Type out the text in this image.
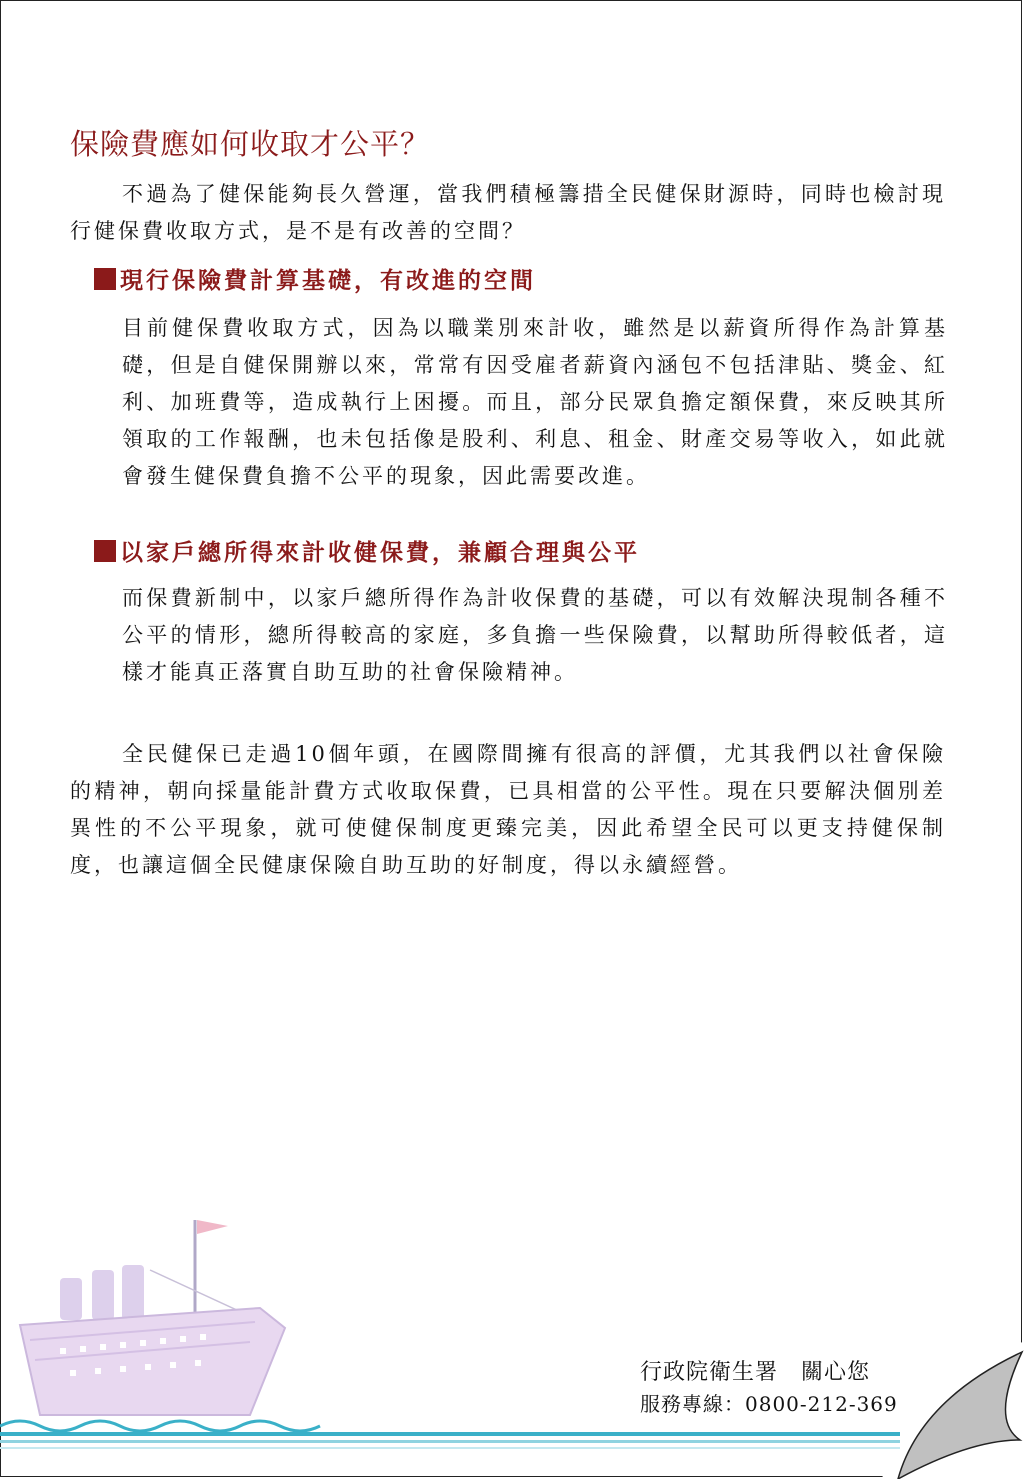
保險費應如何收取才公平？

不過為了健保能夠長久營運，當我們積極籌措全民健保財源時，同時也檢討現行健保費收取方式，是不是有改善的空間？

現行保險費計算基礎，有改進的空間

目前健保費收取方式，因為以職業別來計收，雖然是以薪資所得作為計算基礎，但是自健保開辦以來，常常有因受雇者薪資內涵包不包括津貼、獎金、紅利、加班費等，造成執行上困擾。而且，部分民眾負擔定額保費，來反映其所領取的工作報酬，也未包括像是股利、利息、租金、財產交易等收入，如此就會發生健保費負擔不公平的現象，因此需要改進。

以家戶總所得來計收健保費，兼顧合理與公平

而保費新制中，以家戶總所得作為計收保費的基礎，可以有效解決現制各種不公平的情形，總所得較高的家庭，多負擔一些保險費，以幫助所得較低者，這樣才能真正落實自助互助的社會保險精神。

全民健保已走過10個年頭，在國際間擁有很高的評價，尤其我們以社會保險的精神，朝向採量能計費方式收取保費，已具相當的公平性。現在只要解決個別差異性的不公平現象，就可使健保制度更臻完美，因此希望全民可以更支持健保制度，也讓這個全民健康保險自助互助的好制度，得以永續經營。

行政院衛生署　關心您

服務專線：0800-212-369
